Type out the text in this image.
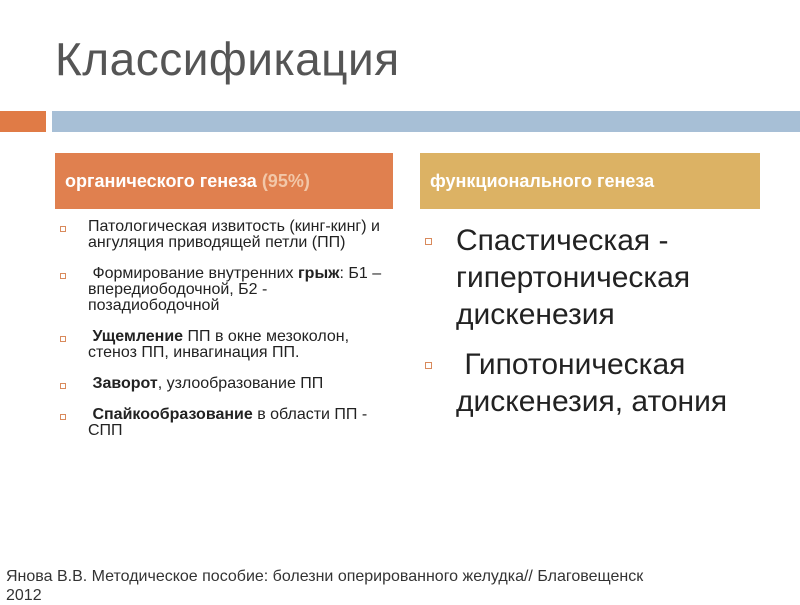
Классификация
органического генеза (95%)	функционального генеза
Патологическая извитость (кинг-кинг) и ангуляция приводящей петли (ПП)
Формирование внутренних грыж: Б1 – впередиободочной, Б2 - позадиободочной
Ущемление ПП в окне мезоколон, стеноз ПП, инвагинация ПП.
Заворот, узлообразование ПП
Спайкообразование в области ПП - СПП
Спастическая - гипертоническая дискенезия
Гипотоническая дискенезия, атония
Янова В.В. Методическое пособие: болезни оперированного желудка// Благовещенск
2012
